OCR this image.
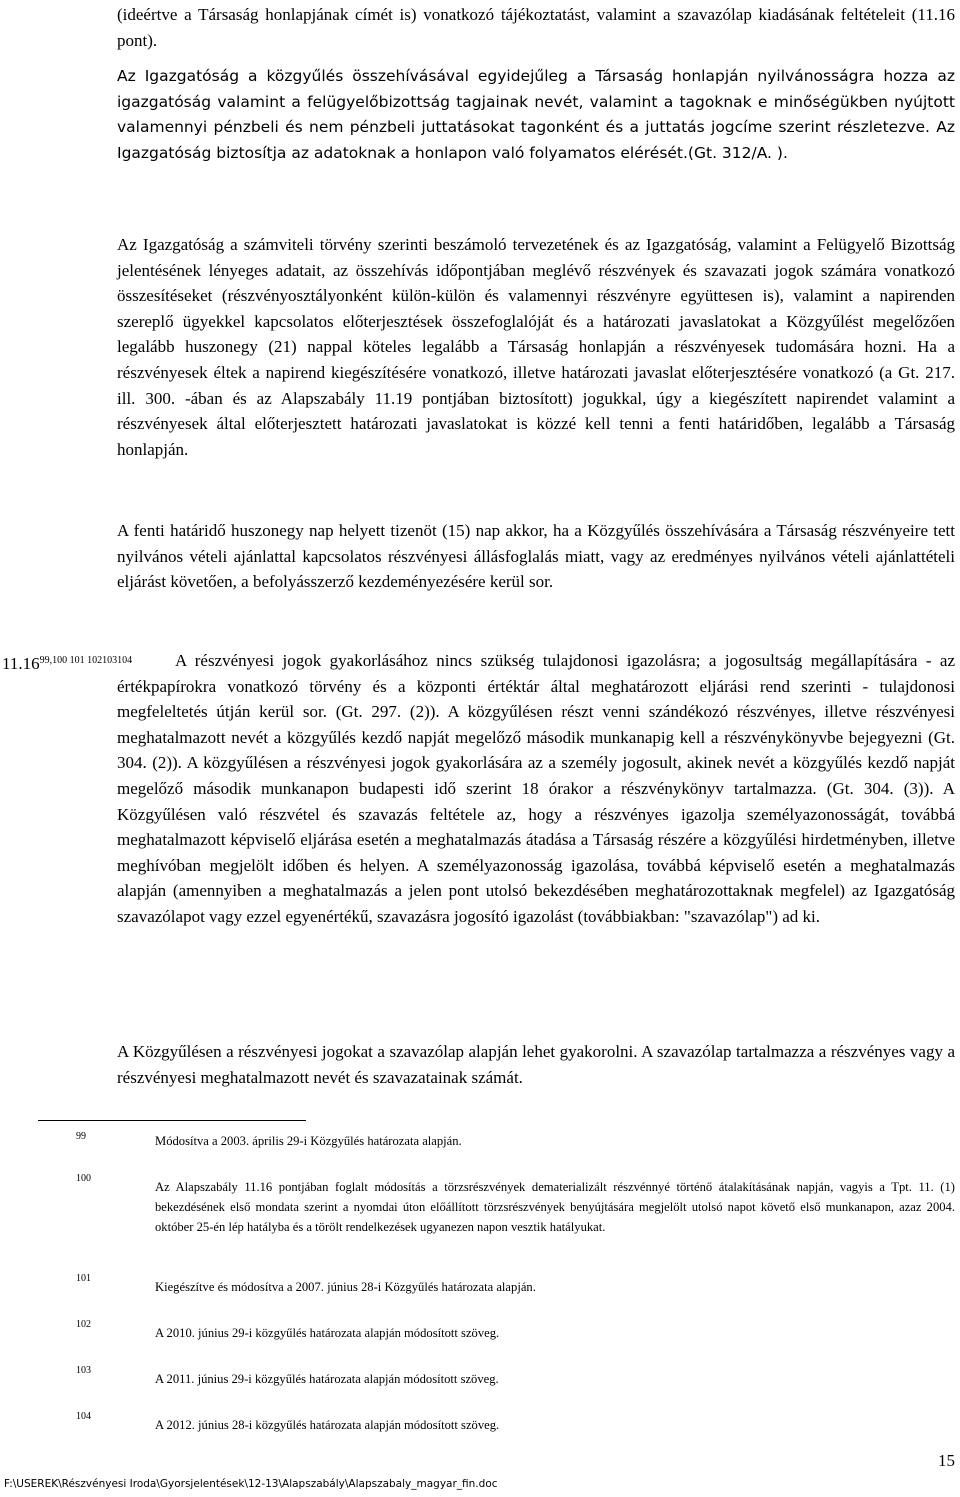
(ideértve a Társaság honlapjának címét is) vonatkozó tájékoztatást, valamint a szavazólap kiadásának feltételeit (11.16 pont).

Az Igazgatóság a közgyűlés összehívásával egyidejűleg a Társaság honlapján nyilvánosságra hozza az igazgatóság valamint a felügyelőbizottság tagjainak nevét, valamint a tagoknak e minőségükben nyújtott valamennyi pénzbeli és nem pénzbeli juttatásokat tagonként és a juttatás jogcíme szerint részletezve. Az Igazgatóság biztosítja az adatoknak a honlapon való folyamatos elérését.(Gt. 312/A. ).

Az Igazgatóság a számviteli törvény szerinti beszámoló tervezetének és az Igazgatóság, valamint a Felügyelő Bizottság jelentésének lényeges adatait, az összehívás időpontjában meglévő részvények és szavazati jogok számára vonatkozó összesítéseket (részvényosztályonként külön-külön és valamennyi részvényre együttesen is), valamint a napirenden szereplő ügyekkel kapcsolatos előterjesztések összefoglalóját és a határozati javaslatokat a Közgyűlést megelőzően legalább huszonegy (21) nappal köteles legalább a Társaság honlapján a részvényesek tudomására hozni. Ha a részvényesek éltek a napirend kiegészítésére vonatkozó, illetve határozati javaslat előterjesztésére vonatkozó (a Gt. 217. ill. 300. -ában és az Alapszabály 11.19 pontjában biztosított) jogukkal, úgy a kiegészített napirendet valamint a részvényesek által előterjesztett határozati javaslatokat is közzé kell tenni a fenti határidőben, legalább a Társaság honlapján.

A fenti határidő huszonegy nap helyett tizenöt (15) nap akkor, ha a Közgyűlés összehívására a Társaság részvényeire tett nyilvános vételi ajánlattal kapcsolatos részvényesi állásfoglalás miatt, vagy az eredményes nyilvános vételi ajánlattételi eljárást követően, a befolyásszerző kezdeményezésére kerül sor.

$11.16^{99,100 101 102103104}$	A részvényesi jogok gyakorlásához nincs szükség tulajdonosi igazolásra; a jogosultság megállapítására - az értékpapírokra vonatkozó törvény és a központi értéktár által meghatározott eljárási rend szerinti - tulajdonosi megfeleltetés útján kerül sor. (Gt. 297. (2)). A közgyűlésen részt venni szándékozó részvényes, illetve részvényesi meghatalmazott nevét a közgyűlés kezdő napját megelőző második munkanapig kell a részvénykönyvbe bejegyezni (Gt. 304. (2)). A közgyűlésen a részvényesi jogok gyakorlására az a személy jogosult, akinek nevét a közgyűlés kezdő napját megelőző második munkanapon budapesti idő szerint 18 órakor a részvénykönyv tartalmazza. (Gt. 304. (3)). A Közgyűlésen való részvétel és szavazás feltétele az, hogy a részvényes igazolja személyazonosságát, továbbá meghatalmazott képviselő eljárása esetén a meghatalmazás átadása a Társaság részére a közgyűlési hirdetményben, illetve meghívóban megjelölt időben és helyen. A személyazonosság igazolása, továbbá képviselő esetén a meghatalmazás alapján (amennyiben a meghatalmazás a jelen pont utolsó bekezdésében meghatározottaknak megfelel) az Igazgatóság szavazólapot vagy ezzel egyenértékű, szavazásra jogosító igazolást (továbbiakban: "szavazólap") ad ki.

A Közgyűlésen a részvényesi jogokat a szavazólap alapján lehet gyakorolni. A szavazólap tartalmazza a részvényes vagy a részvényesi meghatalmazott nevét és szavazatainak számát.

99	Módosítva a 2003. április 29-i Közgyűlés határozata alapján.

100

Az Alapszabály 11.16 pontjában foglalt módosítás a törzsrészvények dematerializált részvénnyé történő átalakításának napján, vagyis a Tpt. 11. (1) bekezdésének első mondata szerint a nyomdai úton előállított törzsrészvények benyújtására megjelölt utolsó napot követő első munkanapon, azaz 2004. október 25-én lép hatályba és a törölt rendelkezések ugyanezen napon vesztik hatályukat.

101

Kiegészítve és módosítva a 2007. június 28-i Közgyűlés határozata alapján.

102

A 2010. június 29-i közgyűlés határozata alapján módosított szöveg.

103

A 2011. június 29-i közgyűlés határozata alapján módosított szöveg.

104

A 2012. június 28-i közgyűlés határozata alapján módosított szöveg.

15
F:\USEREK\Részvényesi Iroda\Gyorsjelentések\12-13\Alapszabály\Alapszabaly_magyar_fin.doc
